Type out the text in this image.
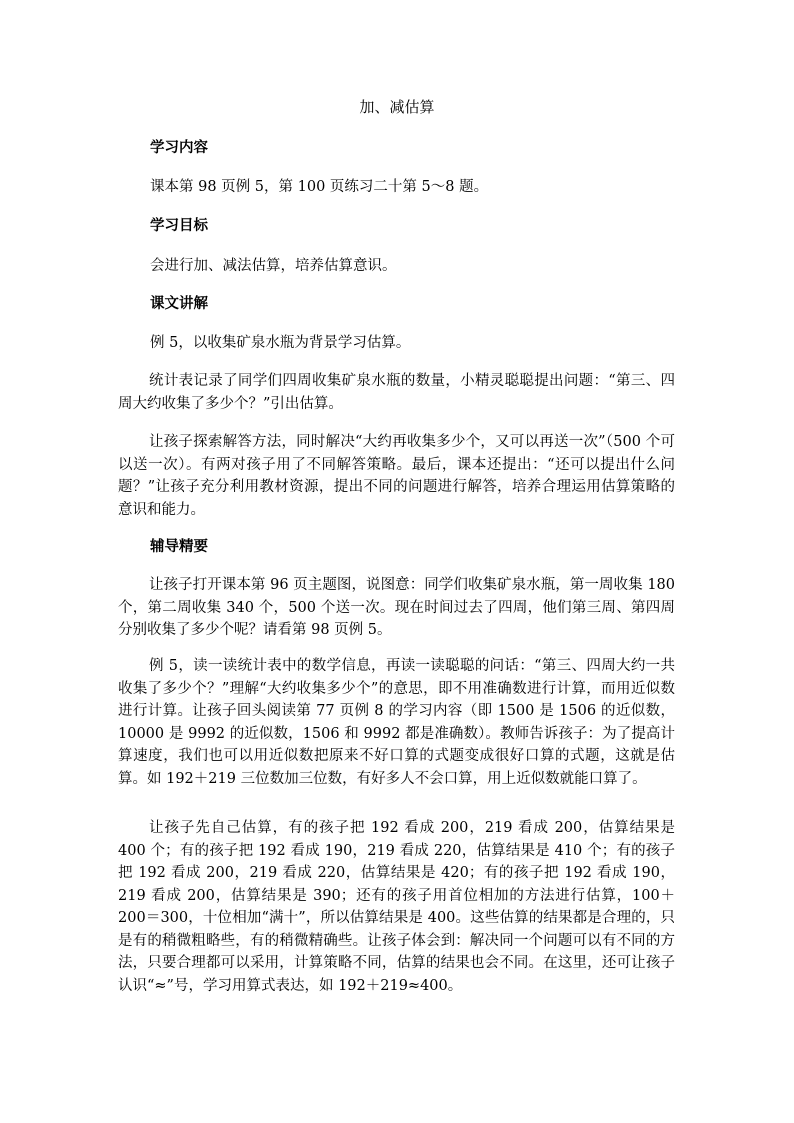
加、减估算
学习内容
课本第 98 页例 5，第 100 页练习二十第 5～8 题。
学习目标
会进行加、减法估算，培养估算意识。
课文讲解
例 5，以收集矿泉水瓶为背景学习估算。
统计表记录了同学们四周收集矿泉水瓶的数量，小精灵聪聪提出问题：“第三、四周大约收集了多少个？”引出估算。
让孩子探索解答方法，同时解决“大约再收集多少个，又可以再送一次”（500 个可以送一次）。有两对孩子用了不同解答策略。最后，课本还提出：“还可以提出什么问题？”让孩子充分利用教材资源，提出不同的问题进行解答，培养合理运用估算策略的意识和能力。
辅导精要
让孩子打开课本第 96 页主题图，说图意：同学们收集矿泉水瓶，第一周收集 180 个，第二周收集 340 个，500 个送一次。现在时间过去了四周，他们第三周、第四周分别收集了多少个呢？请看第 98 页例 5。
例 5，读一读统计表中的数学信息，再读一读聪聪的问话：“第三、四周大约一共收集了多少个？”理解“大约收集多少个”的意思，即不用准确数进行计算，而用近似数进行计算。让孩子回头阅读第 77 页例 8 的学习内容（即 1500 是 1506 的近似数，10000 是 9992 的近似数，1506 和 9992 都是准确数）。教师告诉孩子：为了提高计算速度，我们也可以用近似数把原来不好口算的式题变成很好口算的式题，这就是估算。如 192＋219 三位数加三位数，有好多人不会口算，用上近似数就能口算了。
让孩子先自己估算，有的孩子把 192 看成 200，219 看成 200，估算结果是 400 个；有的孩子把 192 看成 190，219 看成 220，估算结果是 410 个；有的孩子把 192 看成 200，219 看成 220，估算结果是 420；有的孩子把 192 看成 190，219 看成 200，估算结果是 390；还有的孩子用首位相加的方法进行估算，100＋200＝300，十位相加“满十”，所以估算结果是 400。这些估算的结果都是合理的，只是有的稍微粗略些，有的稍微精确些。让孩子体会到：解决同一个问题可以有不同的方法，只要合理都可以采用，计算策略不同，估算的结果也会不同。在这里，还可让孩子认识“≈”号，学习用算式表达，如 192＋219≈400。
